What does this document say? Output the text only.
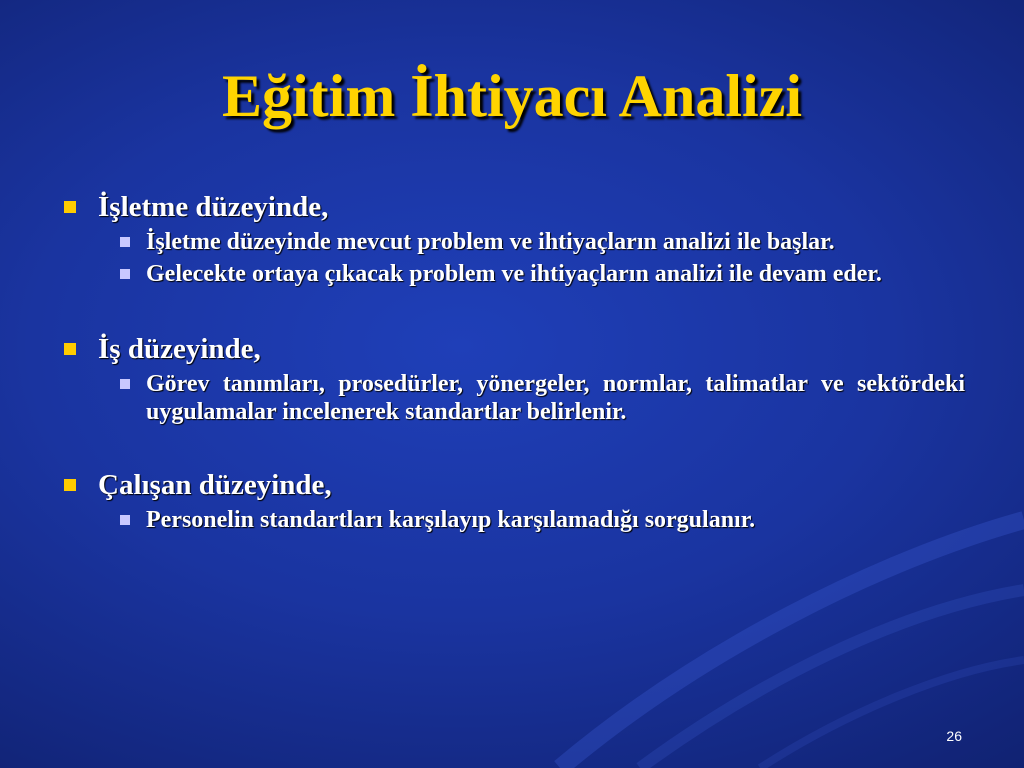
Eğitim İhtiyacı Analizi
İşletme düzeyinde,
İşletme düzeyinde mevcut problem ve ihtiyaçların analizi ile başlar.
Gelecekte ortaya çıkacak problem ve ihtiyaçların analizi ile devam eder.
İş düzeyinde,
Görev tanımları, prosedürler, yönergeler, normlar, talimatlar ve sektördeki uygulamalar incelenerek standartlar belirlenir.
Çalışan düzeyinde,
Personelin standartları karşılayıp karşılamadığı sorgulanır.
26
